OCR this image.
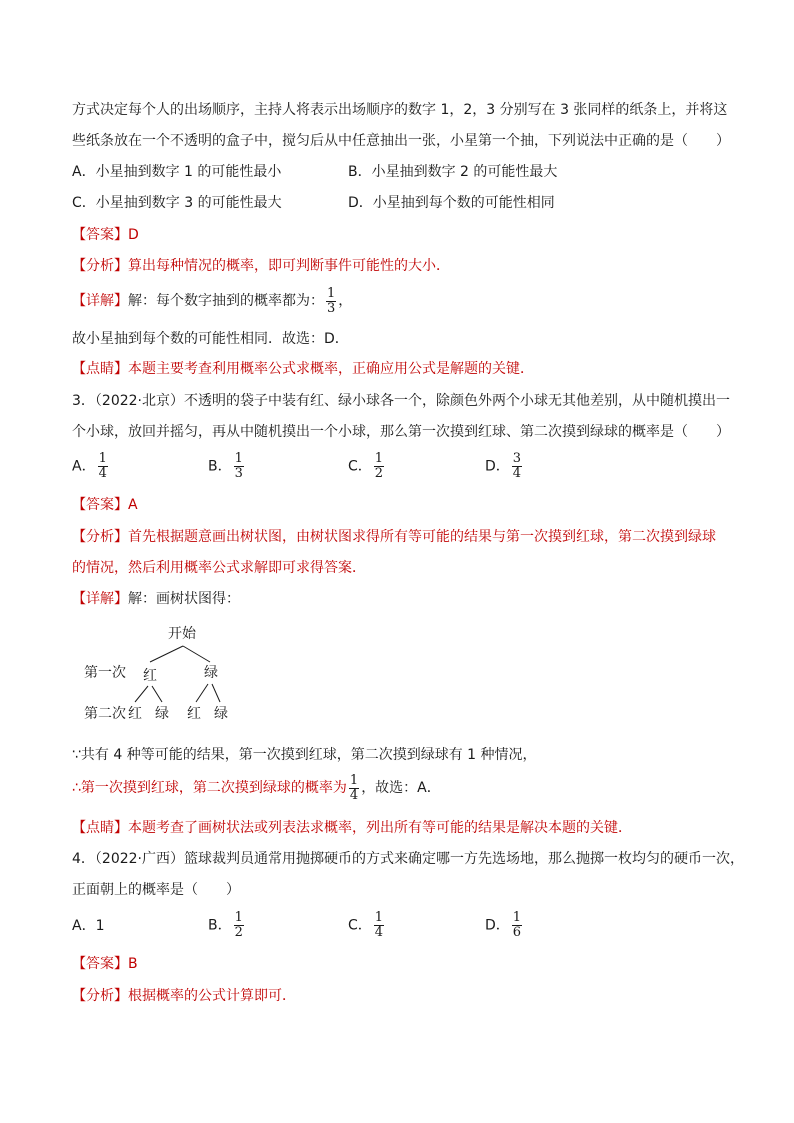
方式决定每个人的出场顺序，主持人将表示出场顺序的数字 1，2，3 分别写在 3 张同样的纸条上，并将这
些纸条放在一个不透明的盒子中，搅匀后从中任意抽出一张，小星第一个抽，下列说法中正确的是（　　）
A．小星抽到数字 1 的可能性最小	B．小星抽到数字 2 的可能性最大
C．小星抽到数字 3 的可能性最大	D．小星抽到每个数的可能性相同
【答案】D
【分析】算出每种情况的概率，即可判断事件可能性的大小．
【详解】解：每个数字抽到的概率都为： $\frac{1}{3}$ ，
故小星抽到每个数的可能性相同．故选：D．
【点睛】本题主要考查利用概率公式求概率，正确应用公式是解题的关键．
3．（2022·北京）不透明的袋子中装有红、绿小球各一个，除颜色外两个小球无其他差别，从中随机摸出一
个小球，放回并摇匀，再从中随机摸出一个小球，那么第一次摸到红球、第二次摸到绿球的概率是（　　）
A． $\frac{1}{4}$	B． $\frac{1}{3}$	C． $\frac{1}{2}$	D． $\frac{3}{4}$
【答案】A
【分析】首先根据题意画出树状图，由树状图求得所有等可能的结果与第一次摸到红球，第二次摸到绿球
的情况，然后利用概率公式求解即可求得答案．
【详解】解：画树状图得：
开始
第一次 红	绿
第二次 红 绿 红 绿
∵共有 4 种等可能的结果，第一次摸到红球，第二次摸到绿球有 1 种情况，
∴第一次摸到红球，第二次摸到绿球的概率为 $\frac{1}{4}$ ，故选：A．
【点睛】本题考查了画树状法或列表法求概率，列出所有等可能的结果是解决本题的关键．
4．（2022·广西）篮球裁判员通常用抛掷硬币的方式来确定哪一方先选场地，那么抛掷一枚均匀的硬币一次，
正面朝上的概率是（　　）
A．1	B． $\frac{1}{2}$	C． $\frac{1}{4}$	D． $\frac{1}{6}$
【答案】B
【分析】根据概率的公式计算即可．
